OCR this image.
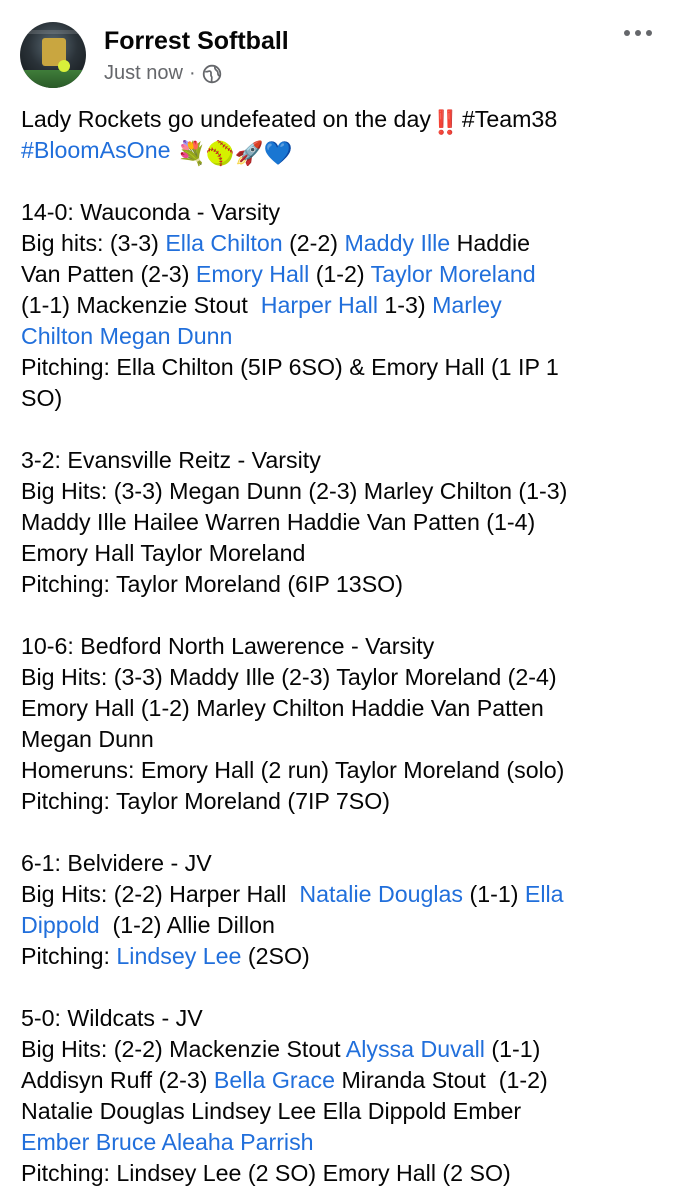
Forrest Softball
Just now ·
Lady Rockets go undefeated on the day‼️#Team38
#BloomAsOne 💐🥎🚀💙
14-0: Wauconda - Varsity
Big hits: (3-3) Ella Chilton (2-2) Maddy Ille Haddie
Van Patten (2-3) Emory Hall (1-2) Taylor Moreland
(1-1) Mackenzie Stout  Harper Hall 1-3) Marley
Chilton Megan Dunn
Pitching: Ella Chilton (5IP 6SO) & Emory Hall (1 IP 1
SO)
3-2: Evansville Reitz - Varsity
Big Hits: (3-3) Megan Dunn (2-3) Marley Chilton (1-3)
Maddy Ille Hailee Warren Haddie Van Patten (1-4)
Emory Hall Taylor Moreland
Pitching: Taylor Moreland (6IP 13SO)
10-6: Bedford North Lawerence - Varsity
Big Hits: (3-3) Maddy Ille (2-3) Taylor Moreland (2-4)
Emory Hall (1-2) Marley Chilton Haddie Van Patten
Megan Dunn
Homeruns: Emory Hall (2 run) Taylor Moreland (solo)
Pitching: Taylor Moreland (7IP 7SO)
6-1: Belvidere - JV
Big Hits: (2-2) Harper Hall  Natalie Douglas (1-1) Ella
Dippold  (1-2) Allie Dillon
Pitching: Lindsey Lee (2SO)
5-0: Wildcats - JV
Big Hits: (2-2) Mackenzie Stout Alyssa Duvall (1-1)
Addisyn Ruff (2-3) Bella Grace Miranda Stout  (1-2)
Natalie Douglas Lindsey Lee Ella Dippold Ember
Ember Bruce Aleaha Parrish
Pitching: Lindsey Lee (2 SO) Emory Hall (2 SO)
